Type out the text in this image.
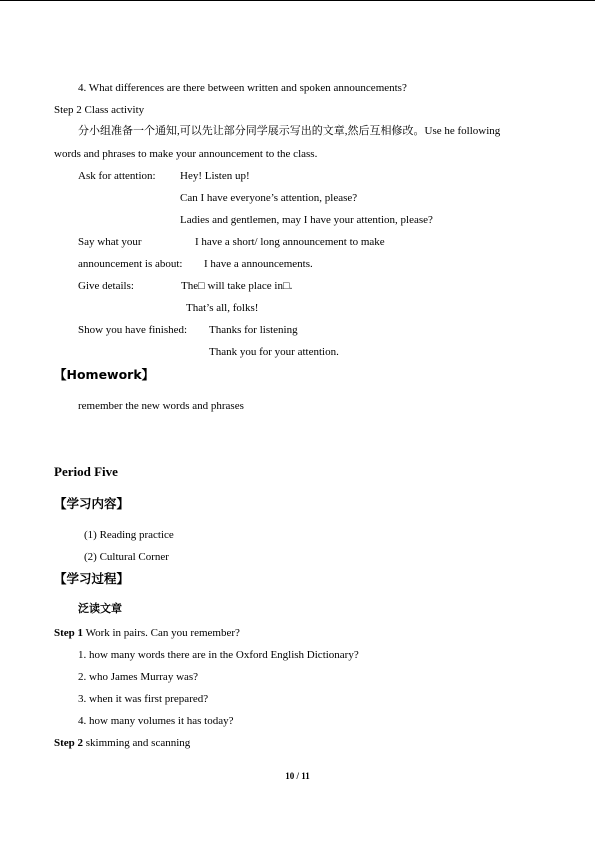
4. What differences are there between written and spoken announcements?
Step 2 Class activity
分小组准备一个通知,可以先让部分同学展示写出的文章,然后互相修改。Use he following
words and phrases to make your announcement to the class.
Ask for attention: Hey! Listen up!
Can I have everyone’s attention, please?
Ladies and gentlemen, may I have your attention, please?
Say what your	I have a short/ long announcement to make
announcement is about: I have a announcements.
Give details:	The□ will take place in□.
That’s all, folks!
Show you have finished: Thanks for listening
Thank you for your attention.
【Homework】
remember the new words and phrases
Period Five
【学习内容】
(1) Reading practice
(2) Cultural Corner
【学习过程】
泛读文章
Step 1 Work in pairs. Can you remember?
1. how many words there are in the Oxford English Dictionary?
2. who James Murray was?
3. when it was first prepared?
4. how many volumes it has today?
Step 2 skimming and scanning
10 / 11
